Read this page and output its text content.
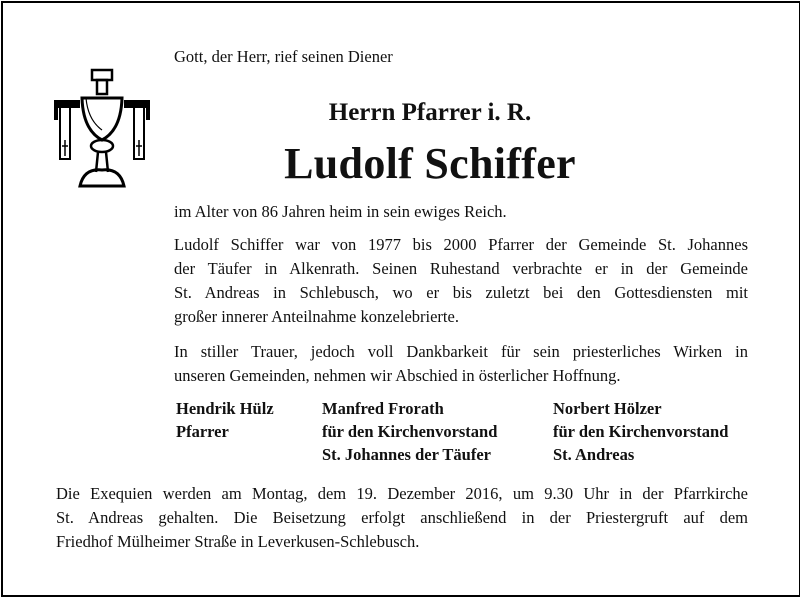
Gott, der Herr, rief seinen Diener
Herrn Pfarrer i. R.
Ludolf Schiffer
im Alter von 86 Jahren heim in sein ewiges Reich.
Ludolf Schiffer war von 1977 bis 2000 Pfarrer der Gemeinde St. Johannes
der Täufer in Alkenrath. Seinen Ruhestand verbrachte er in der Gemeinde
St. Andreas in Schlebusch, wo er bis zuletzt bei den Gottesdiensten mit
großer innerer Anteilnahme konzelebrierte.
In stiller Trauer, jedoch voll Dankbarkeit für sein priesterliches Wirken in
unseren Gemeinden, nehmen wir Abschied in österlicher Hoffnung.
Hendrik Hülz
Pfarrer
Manfred Frorath
für den Kirchenvorstand
St. Johannes der Täufer
Norbert Hölzer
für den Kirchenvorstand
St. Andreas
Die Exequien werden am Montag, dem 19. Dezember 2016, um 9.30 Uhr in der Pfarrkirche
St. Andreas gehalten. Die Beisetzung erfolgt anschließend in der Priestergruft auf dem
Friedhof Mülheimer Straße in Leverkusen-Schlebusch.
